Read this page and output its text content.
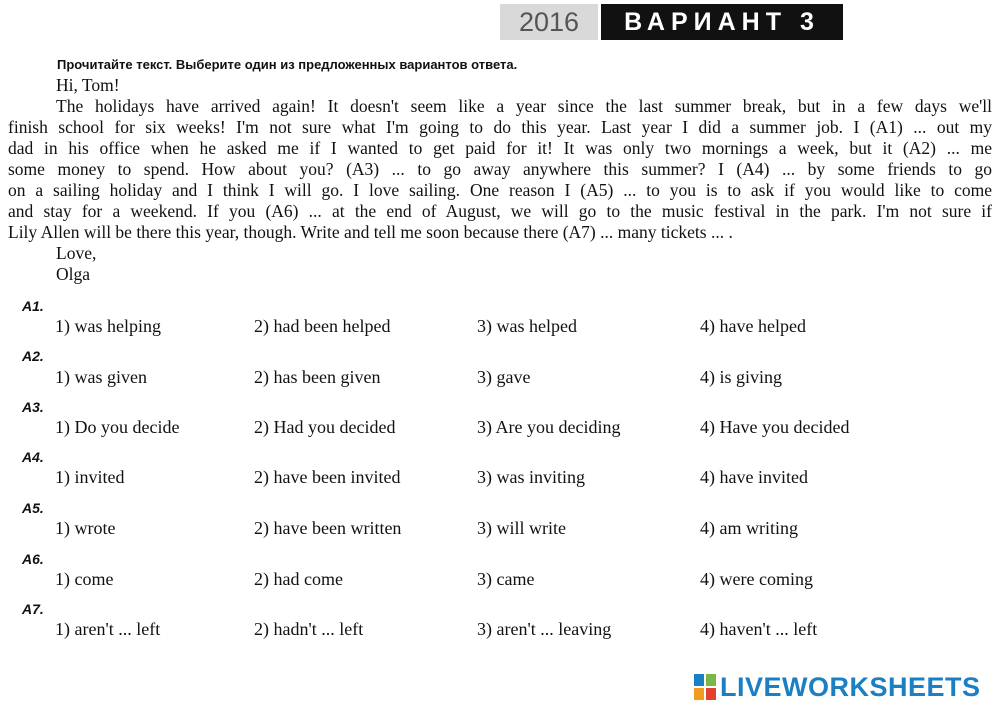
2016	ВАРИАНТ 3
Прочитайте текст. Выберите один из предложенных вариантов ответа.
Hi, Tom!
The holidays have arrived again! It doesn't seem like a year since the last summer break, but in a few days we'll
finish school for six weeks! I'm not sure what I'm going to do this year. Last year I did a summer job. I (A1) ... out my
dad in his office when he asked me if I wanted to get paid for it! It was only two mornings a week, but it (A2) ... me
some money to spend. How about you? (A3) ... to go away anywhere this summer? I (A4) ... by some friends to go
on a sailing holiday and I think I will go. I love sailing. One reason I (A5) ... to you is to ask if you would like to come
and stay for a weekend. If you (A6) ... at the end of August, we will go to the music festival in the park. I'm not sure if
Lily Allen will be there this year, though. Write and tell me soon because there (A7) ... many tickets ... .
Love,
Olga
A1.
1) was helping	2) had been helped	3) was helped	4) have helped
A2.
1) was given	2) has been given	3) gave	4) is giving
A3.
1) Do you decide	2) Had you decided	3) Are you deciding	4) Have you decided
A4.
1) invited	2) have been invited	3) was inviting	4) have invited
A5.
1) wrote	2) have been written	3) will write	4) am writing
A6.
1) come	2) had come	3) came	4) were coming
A7.
1) aren't ... left	2) hadn't ... left	3) aren't ... leaving	4) haven't ... left
LIVEWORKSHEETS
